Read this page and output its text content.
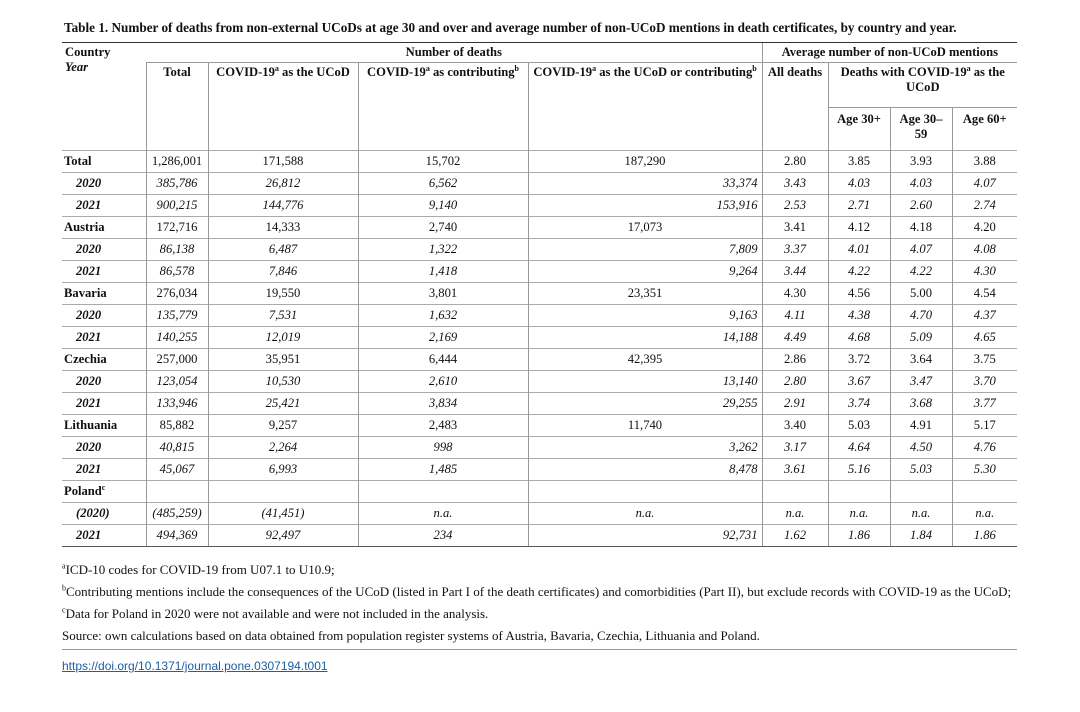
Table 1. Number of deaths from non-external UCoDs at age 30 and over and average number of non-UCoD mentions in death certificates, by country and year.
Country
Year	Number of deaths				Average number of non-UCoD mentions			
	Total	COVID-19$^a$ as the UCoD	COVID-19$^a$ as contributing$^b$	COVID-19$^a$ as the UCoD or contributing$^b$	All deaths	Deaths with COVID-19$^a$ as the UCoD		
						Age 30+	Age 30–59	Age 60+
Total	1,286,001	171,588	15,702	187,290	2.80	3.85	3.93	3.88
2020	385,786	26,812	6,562	33,374	3.43	4.03	4.03	4.07
2021	900,215	144,776	9,140	153,916	2.53	2.71	2.60	2.74
Austria	172,716	14,333	2,740	17,073	3.41	4.12	4.18	4.20
2020	86,138	6,487	1,322	7,809	3.37	4.01	4.07	4.08
2021	86,578	7,846	1,418	9,264	3.44	4.22	4.22	4.30
Bavaria	276,034	19,550	3,801	23,351	4.30	4.56	5.00	4.54
2020	135,779	7,531	1,632	9,163	4.11	4.38	4.70	4.37
2021	140,255	12,019	2,169	14,188	4.49	4.68	5.09	4.65
Czechia	257,000	35,951	6,444	42,395	2.86	3.72	3.64	3.75
2020	123,054	10,530	2,610	13,140	2.80	3.67	3.47	3.70
2021	133,946	25,421	3,834	29,255	2.91	3.74	3.68	3.77
Lithuania	85,882	9,257	2,483	11,740	3.40	5.03	4.91	5.17
2020	40,815	2,264	998	3,262	3.17	4.64	4.50	4.76
2021	45,067	6,993	1,485	8,478	3.61	5.16	5.03	5.30
Poland$^c$								
(2020)	(485,259)	(41,451)	n.a.	n.a.	n.a.	n.a.	n.a.	n.a.
2021	494,369	92,497	234	92,731	1.62	1.86	1.84	1.86

$^a$ICD-10 codes for COVID-19 from U07.1 to U10.9;

$^b$Contributing mentions include the consequences of the UCoD (listed in Part I of the death certificates) and comorbidities (Part II), but exclude records with COVID-19 as the UCoD;

$^c$Data for Poland in 2020 were not available and were not included in the analysis.

Source: own calculations based on data obtained from population register systems of Austria, Bavaria, Czechia, Lithuania and Poland.

https://doi.org/10.1371/journal.pone.0307194.t001
